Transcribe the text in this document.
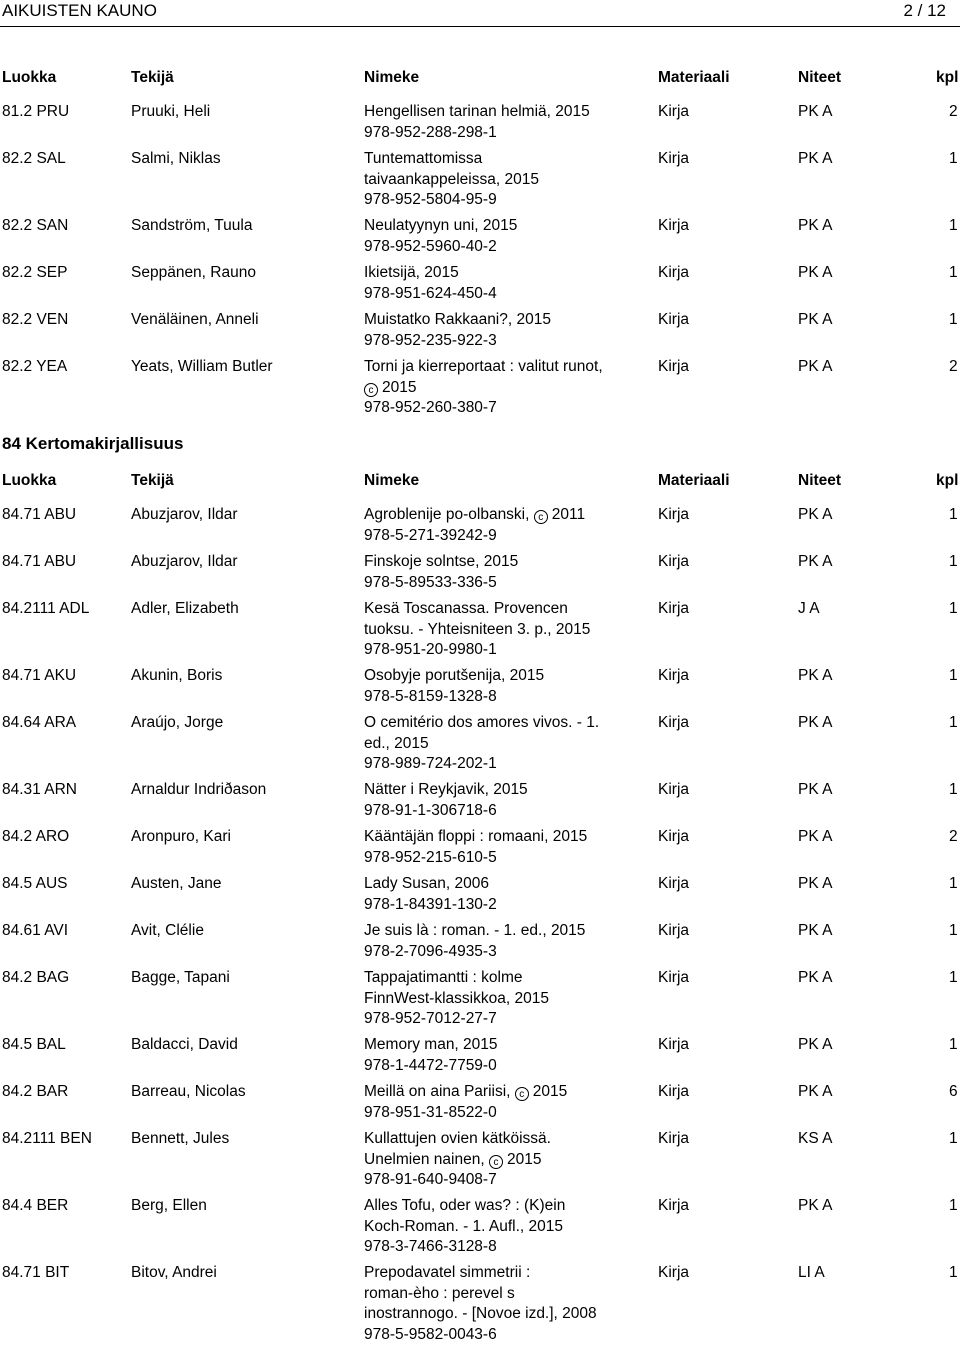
AIKUISTEN KAUNO	2 / 12
Luokka	Tekijä	Nimeke	Materiaali	Niteet	kpl
81.2 PRU	Pruuki, Heli	Hengellisen tarinan helmiä, 2015
978-952-288-298-1
Kirja	PK A	2
82.2 SAL	Salmi, Niklas	Tuntemattomissa
taivaankappeleissa, 2015
978-952-5804-95-9
Kirja	PK A	1
82.2 SAN	Sandström, Tuula	Neulatyynyn uni, 2015
978-952-5960-40-2
Kirja	PK A	1
82.2 SEP	Seppänen, Rauno	Ikietsijä, 2015
978-951-624-450-4
Kirja	PK A	1
82.2 VEN	Venäläinen, Anneli	Muistatko Rakkaani?, 2015
978-952-235-922-3
Kirja	PK A	1
82.2 YEA	Yeats, William Butler	Torni ja kierreportaat : valitut runot,
c 2015
978-952-260-380-7
Kirja	PK A	2
84 Kertomakirjallisuus
Luokka	Tekijä	Nimeke	Materiaali	Niteet	kpl
84.71 ABU	Abuzjarov, Ildar	Agroblenije po-olbanski, c 2011
978-5-271-39242-9
Kirja	PK A	1
84.71 ABU	Abuzjarov, Ildar	Finskoje solntse, 2015
978-5-89533-336-5
Kirja	PK A	1
84.2111 ADL	Adler, Elizabeth	Kesä Toscanassa. Provencen
tuoksu. - Yhteisniteen 3. p., 2015
978-951-20-9980-1
Kirja	J A	1
84.71 AKU	Akunin, Boris	Osobyje porutšenija, 2015
978-5-8159-1328-8
Kirja	PK A	1
84.64 ARA	Araújo, Jorge	O cemitério dos amores vivos. - 1.
ed., 2015
978-989-724-202-1
Kirja	PK A	1
84.31 ARN	Arnaldur Indriðason	Nätter i Reykjavik, 2015
978-91-1-306718-6
Kirja	PK A	1
84.2 ARO	Aronpuro, Kari	Kääntäjän floppi : romaani, 2015
978-952-215-610-5
Kirja	PK A	2
84.5 AUS	Austen, Jane	Lady Susan, 2006
978-1-84391-130-2
Kirja	PK A	1
84.61 AVI	Avit, Clélie	Je suis là : roman. - 1. ed., 2015
978-2-7096-4935-3
Kirja	PK A	1
84.2 BAG	Bagge, Tapani	Tappajatimantti : kolme
FinnWest-klassikkoa, 2015
978-952-7012-27-7
Kirja	PK A	1
84.5 BAL	Baldacci, David	Memory man, 2015
978-1-4472-7759-0
Kirja	PK A	1
84.2 BAR	Barreau, Nicolas	Meillä on aina Pariisi, c 2015
978-951-31-8522-0
Kirja	PK A	6
84.2111 BEN	Bennett, Jules	Kullattujen ovien kätköissä.
Unelmien nainen, c 2015
978-91-640-9408-7
Kirja	KS A	1
84.4 BER	Berg, Ellen	Alles Tofu, oder was? : (K)ein
Koch-Roman. - 1. Aufl., 2015
978-3-7466-3128-8
Kirja	PK A	1
84.71 BIT	Bitov, Andrei	Prepodavatel simmetrii :
roman-èho : perevel s
inostrannogo. - [Novoe izd.], 2008
978-5-9582-0043-6
Kirja	LI A	1
